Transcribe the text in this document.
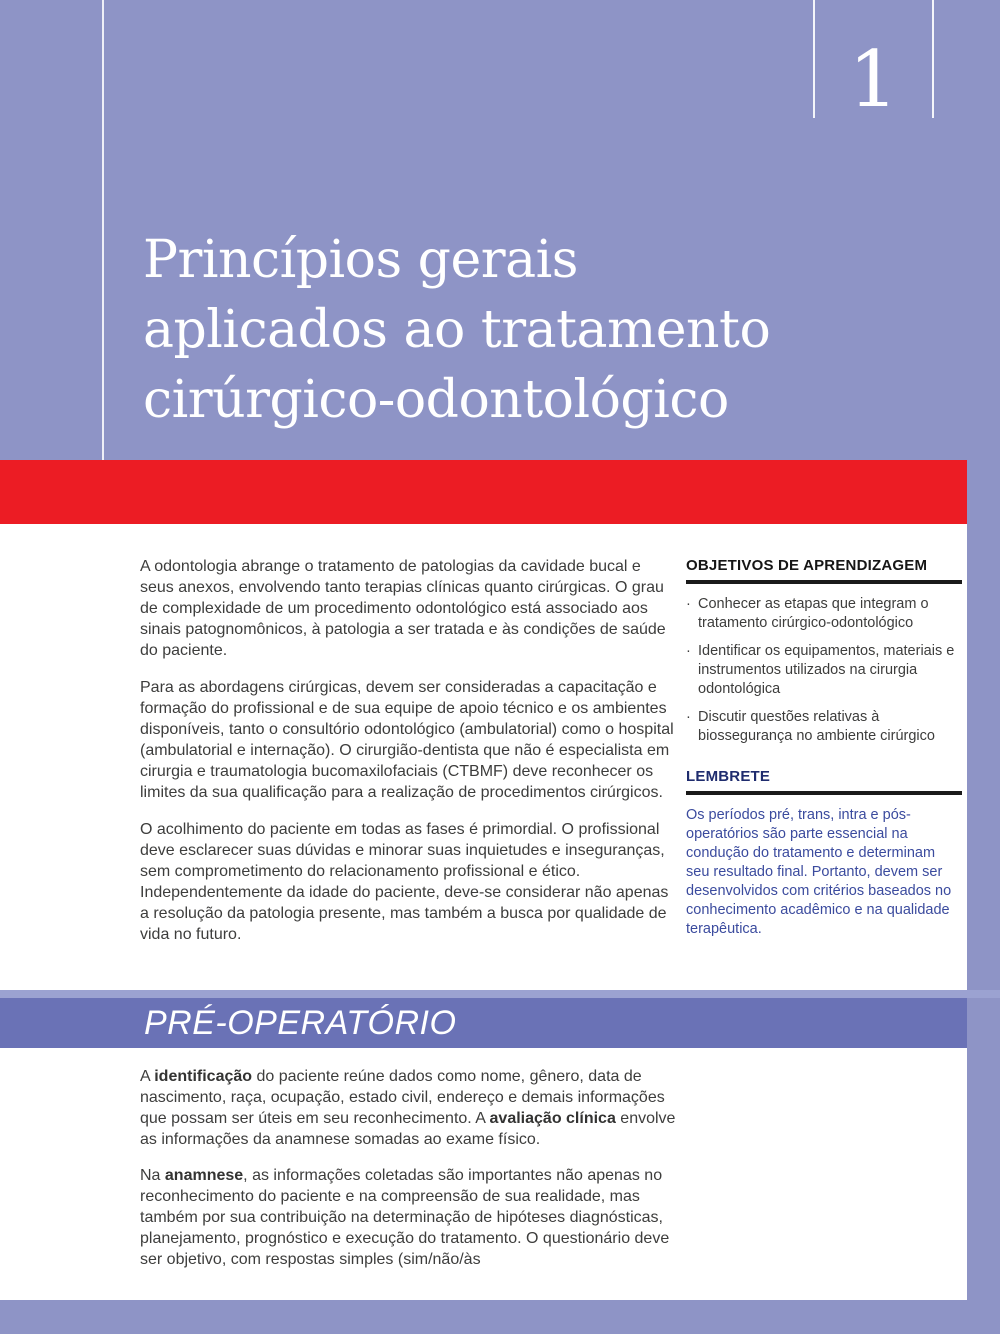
1
Princípios gerais
aplicados ao tratamento
cirúrgico-odontológico

A odontologia abrange o tratamento de patologias da cavidade bucal e seus anexos, envolvendo tanto terapias clínicas quanto cirúrgicas. O grau de complexidade de um procedimento odontológico está associado aos sinais patognomônicos, à patologia a ser tratada e às condições de saúde do paciente.

Para as abordagens cirúrgicas, devem ser consideradas a capacitação e formação do profissional e de sua equipe de apoio técnico e os ambientes disponíveis, tanto o consultório odontológico (ambulatorial) como o hospital (ambulatorial e internação). O cirurgião-dentista que não é especialista em cirurgia e traumatologia bucomaxilofaciais (CTBMF) deve reconhecer os limites da sua qualificação para a realização de procedimentos cirúrgicos.

O acolhimento do paciente em todas as fases é primordial. O profissional deve esclarecer suas dúvidas e minorar suas inquietudes e inseguranças, sem comprometimento do relacionamento profissional e ético. Independentemente da idade do paciente, deve-se considerar não apenas a resolução da patologia presente, mas também a busca por qualidade de vida no futuro.

OBJETIVOS DE APRENDIZAGEM
· Conhecer as etapas que integram o tratamento cirúrgico-odontológico
· Identificar os equipamentos, materiais e instrumentos utilizados na cirurgia odontológica
· Discutir questões relativas à biossegurança no ambiente cirúrgico
LEMBRETE

Os períodos pré, trans, intra e pós-operatórios são parte essencial na condução do tratamento e determinam seu resultado final. Portanto, devem ser desenvolvidos com critérios baseados no conhecimento acadêmico e na qualidade terapêutica.

PRÉ-OPERATÓRIO

A identificação do paciente reúne dados como nome, gênero, data de nascimento, raça, ocupação, estado civil, endereço e demais informações que possam ser úteis em seu reconhecimento. A avaliação clínica envolve as informações da anamnese somadas ao exame físico.

Na anamnese, as informações coletadas são importantes não apenas no reconhecimento do paciente e na compreensão de sua realidade, mas também por sua contribuição na determinação de hipóteses diagnósticas, planejamento, prognóstico e execução do tratamento. O questionário deve ser objetivo, com respostas simples (sim/não/às
